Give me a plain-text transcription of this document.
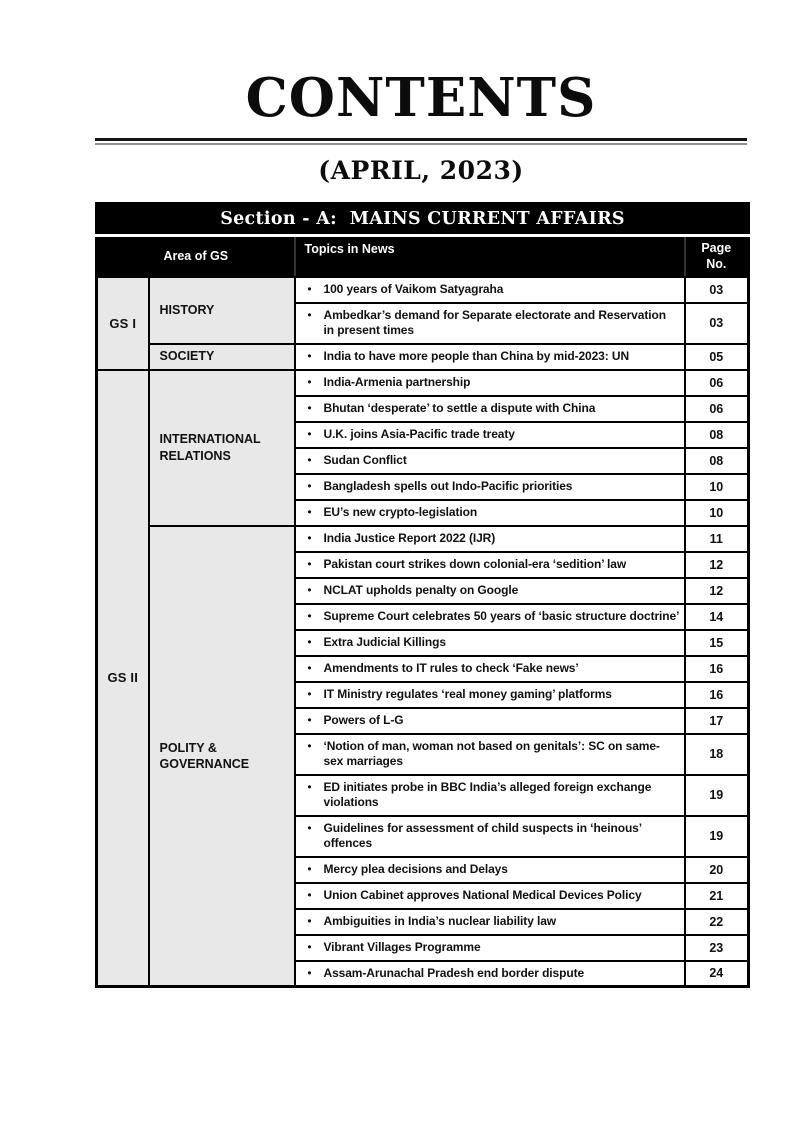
CONTENTS
(APRIL, 2023)
Section - A:  MAINS CURRENT AFFAIRS			
Area of GS		Topics in News	Page
No.

GS I	HISTORY	• 100 years of Vaikom Satyagraha	03

		• Ambedkar’s demand for Separate electorate and Reservation in present times	03
	SOCIETY	• India to have more people than China by mid-2023: UN	05
GS II	INTERNATIONAL RELATIONS	• India-Armenia partnership	06

		• Bhutan ‘desperate’ to settle a dispute with China	06

		• U.K. joins Asia-Pacific trade treaty	08

		• Sudan Conflict	08

		• Bangladesh spells out Indo-Pacific priorities	10

		• EU’s new crypto-legislation	10
	POLITY & GOVERNANCE	• India Justice Report 2022 (IJR)	11

		• Pakistan court strikes down colonial-era ‘sedition’ law	12

		• NCLAT upholds penalty on Google	12

		• Supreme Court celebrates 50 years of ‘basic structure doctrine’	14

		• Extra Judicial Killings	15

		• Amendments to IT rules to check ‘Fake news’	16

		• IT Ministry regulates ‘real money gaming’ platforms	16

		• Powers of L-G	17

		• ‘Notion of man, woman not based on genitals’: SC on same-sex marriages	18

		• ED initiates probe in BBC India’s alleged foreign exchange violations	19

		• Guidelines for assessment of child suspects in ‘heinous’ offences	19

		• Mercy plea decisions and Delays	20

		• Union Cabinet approves National Medical Devices Policy	21

		• Ambiguities in India’s nuclear liability law	22

		• Vibrant Villages Programme	23

		• Assam-Arunachal Pradesh end border dispute	24
